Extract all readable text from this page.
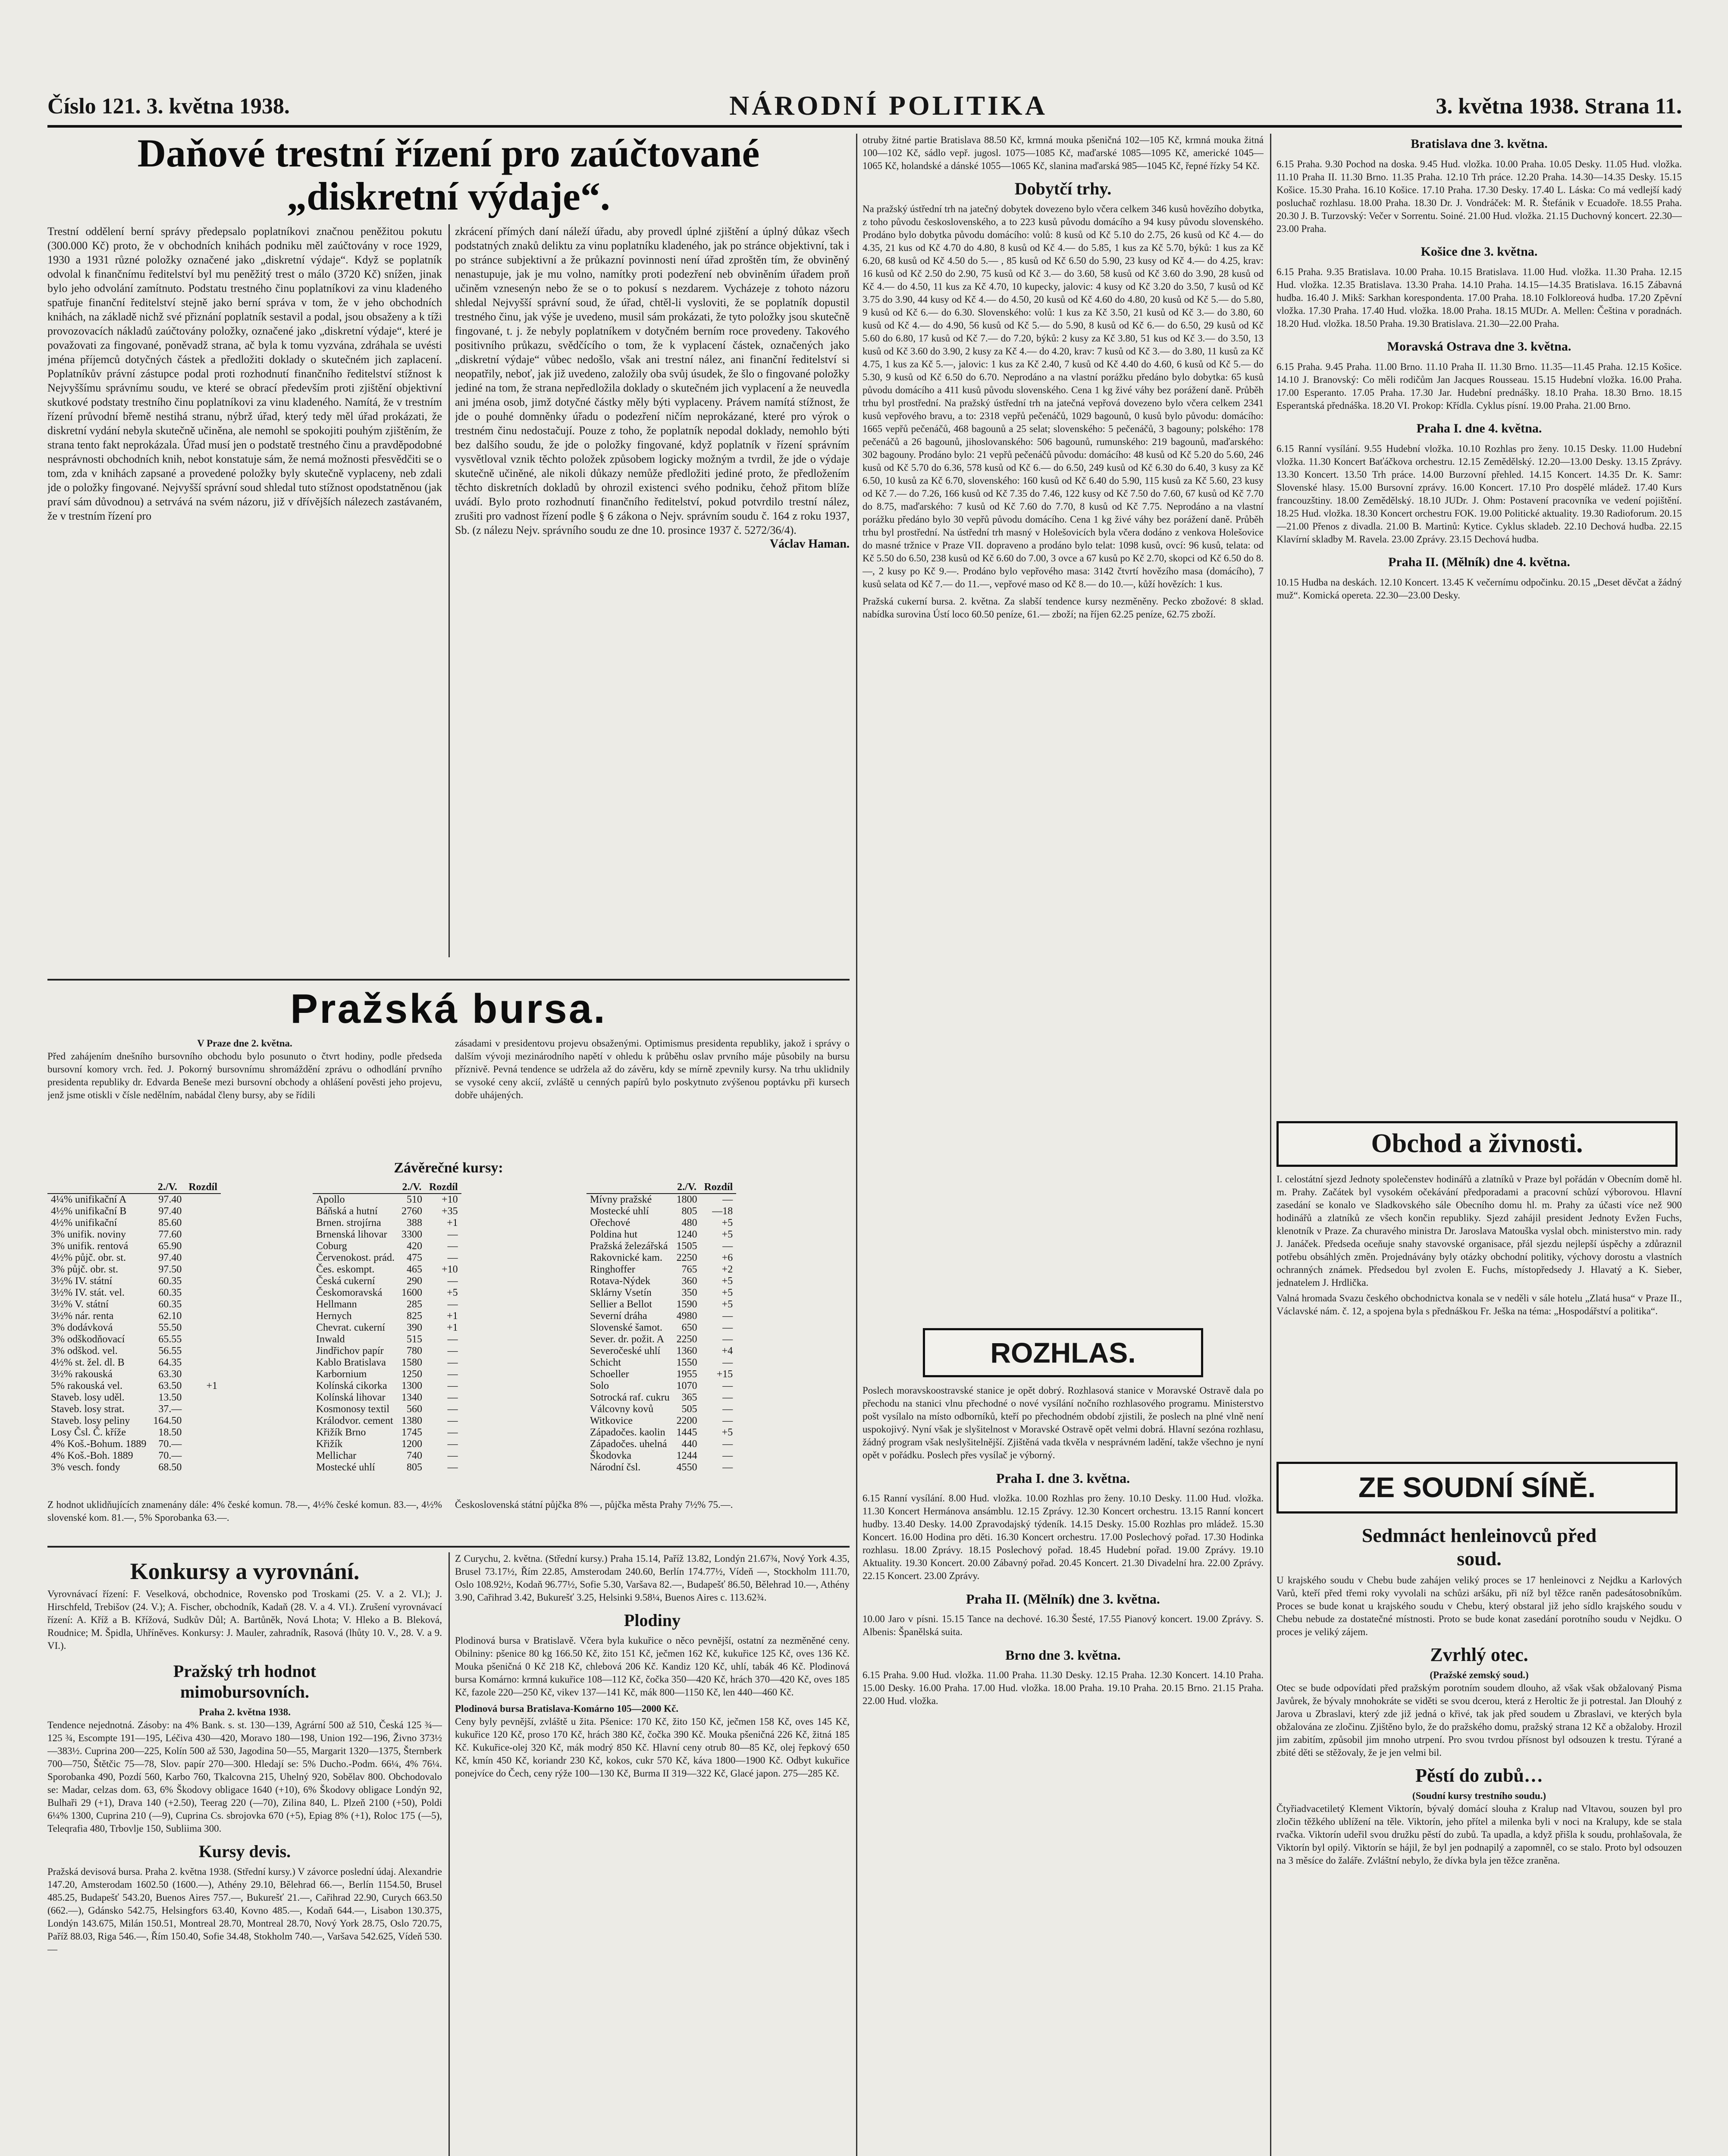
Číslo 121. 3. května 1938.	NÁRODNÍ POLITIKA	3. května 1938. Strana 11.
Daňové trestní řízení pro zaúčtované
„diskretní výdaje“.
Trestní oddělení berní správy předepsalo poplatníkovi značnou peněžitou pokutu (300.000 Kč) proto, že v obchodních knihách podniku měl zaúčtovány v roce 1929, 1930 a 1931 různé položky označené jako „diskretní výdaje“. Když se poplatník odvolal k finančnímu ředitelství byl mu peněžitý trest o málo (3720 Kč) snížen, jinak bylo jeho odvolání zamítnuto. Podstatu trestného činu poplatníkovi za vinu kladeného spatřuje finanční ředitelství stejně jako berní správa v tom, že v jeho obchodních knihách, na základě nichž své přiznání poplatník sestavil a podal, jsou obsaženy a k tíži provozovacích nákladů zaúčtovány položky, označené jako „diskretní výdaje“, které je považovati za fingované, poněvadž strana, ač byla k tomu vyzvána, zdráhala se uvésti jména příjemců dotyčných částek a předložiti doklady o skutečném jich zaplacení. Poplatníkův právní zástupce podal proti rozhodnutí finančního ředitelství stížnost k Nejvyššímu správnímu soudu, ve které se obrací především proti zjištění objektivní skutkové podstaty trestního činu poplatníkovi za vinu kladeného. Namítá, že v trestním řízení průvodní břemě nestihá stranu, nýbrž úřad, který tedy měl úřad prokázati, že diskretní vydání nebyla skutečně učiněna, ale nemohl se spokojiti pouhým zjištěním, že strana tento fakt neprokázala. Úřad musí jen o podstatě trestného činu a pravděpodobné nesprávnosti obchodních knih, nebot konstatuje sám, že nemá možnosti přesvědčiti se o tom, zda v knihách zapsané a provedené položky byly skutečně vyplaceny, neb zdali jde o položky fingované. Nejvyšší správní soud shledal tuto stížnost opodstatněnou (jak praví sám důvodnou) a setrvává na svém názoru, již v dřívějších nálezech zastávaném, že v trestním řízení pro
zkrácení přímých daní náleží úřadu, aby provedl úplné zjištění a úplný důkaz všech podstatných znaků deliktu za vinu poplatníku kladeného, jak po stránce objektivní, tak i po stránce subjektivní a že průkazní povinnosti není úřad zproštěn tím, že obviněný nenastupuje, jak je mu volno, namítky proti podezření neb obviněním úřadem proň učiněm vznesenýn nebo že se o to pokusí s nezdarem. Vycházeje z tohoto názoru shledal Nejvyšší správní soud, že úřad, chtěl-li vysloviti, že se poplatník dopustil trestného činu, jak výše je uvedeno, musil sám prokázati, že tyto položky jsou skutečně fingované, t. j. že nebyly poplatníkem v dotyčném berním roce provedeny. Takového positivního průkazu, svědčícího o tom, že k vyplacení částek, označených jako „diskretní výdaje“ vůbec nedošlo, však ani trestní nález, ani finanční ředitelství si neopatřily, neboť, jak již uvedeno, založily oba svůj úsudek, že šlo o fingované položky jediné na tom, že strana nepředložila doklady o skutečném jich vyplacení a že neuvedla ani jména osob, jimž dotyčné částky měly býti vyplaceny. Právem namítá stížnost, že jde o pouhé domněnky úřadu o podezření ničím neprokázané, které pro výrok o trestném činu nedostačují. Pouze z toho, že poplatník nepodal doklady, nemohlo býti bez dalšího soudu, že jde o položky fingované, když poplatník v řízení správním vysvětloval vznik těchto položek způsobem logicky možným a tvrdil, že jde o výdaje skutečně učiněné, ale nikoli důkazy nemůže předložiti jediné proto, že předložením těchto diskretních dokladů by ohrozil existenci svého podniku, čehož přitom blíže uvádí. Bylo proto rozhodnutí finančního ředitelství, pokud potvrdilo trestní nález, zrušiti pro vadnost řízení podle § 6 zákona o Nejv. správním soudu č. 164 z roku 1937, Sb. (z nálezu Nejv. správního soudu ze dne 10. prosince 1937 č. 5272/36/4).
Václav Haman.
Pražská bursa.
V Praze dne 2. května.
Před zahájením dnešního bursovního obchodu bylo posunuto o čtvrt hodiny, podle předseda bursovní komory vrch. řed. J. Pokorný bursovnímu shromáždění zprávu o odhodlání prvního presidenta republiky dr. Edvarda Beneše mezi bursovní obchody a ohlášení pověsti jeho projevu, jenž jsme otiskli v čísle nedělním, nabádal členy bursy, aby se řídili
zásadami v presidentovu projevu obsaženými. Optimismus presidenta republiky, jakož i správy o dalším vývoji mezinárodního napětí v ohledu k průběhu oslav prvního máje působily na bursu příznivě. Pevná tendence se udržela až do závěru, kdy se mírně zpevnily kursy. Na trhu uklidnily se vysoké ceny akcií, zvláště u cenných papírů bylo poskytnuto zvýšenou poptávku při kursech dobře uhájených.
Závěrečné kursy:
	2./V.	Rozdíl
4¼% unifikační A	97.40	
4½% unifikační B	97.40	
4½% unifikační	85.60	
3% unifik. noviny	77.60	
3% unifik. rentová	65.90	
4½% půjč. obr. st.	97.40	
3% půjč. obr. st.	97.50	
3½% IV. státní	60.35	
3½% IV. stát. vel.	60.35	
3½% V. státní	60.35	
3½% nár. renta	62.10	
3% dodávková	55.50	
3% odškodňovací	65.55	
3% odškod. vel.	56.55	
4½% st. žel. dl. B	64.35	
3½% rakouská	63.30	
5% rakouská vel.	63.50	+1
Staveb. losy uděl.	13.50	
Staveb. losy strat.	37.—	
Staveb. losy peliny	164.50	
Losy Čsl. Č. kříže	18.50	
4% Koš.-Bohum. 1889	70.—	
4% Koš.-Boh. 1889	70.—	
3% vesch. fondy	68.50	
	2./V.	Rozdíl
Apollo	510	+10
Báňská a hutní	2760	+35
Brnen. strojírna	388	+1
Brnenská lihovar	3300	—
Coburg	420	—
Červenokost. prád.	475	—
Čes. eskompt.	465	+10
Česká cukerní	290	—
Českomoravská	1600	+5
Hellmann	285	—
Hernych	825	+1
Chevrat. cukerní	390	+1
Inwald	515	—
Jindřichov papír	780	—
Kablo Bratislava	1580	—
Karbornium	1250	—
Kolínská cikorka	1300	—
Kolínská lihovar	1340	—
Kosmonosy textil	560	—
Králodvor. cement	1380	—
Křižík Brno	1745	—
Křižík	1200	—
Mellichar	740	—
Mostecké uhlí	805	—
	2./V.	Rozdíl
Mívny pražské	1800	—
Mostecké uhlí	805	—18
Ořechové	480	+5
Poldina hut	1240	+5
Pražská železářská	1505	—
Rakovnické kam.	2250	+6
Ringhoffer	765	+2
Rotava-Nýdek	360	+5
Sklárny Vsetín	350	+5
Sellier a Bellot	1590	+5
Severní dráha	4980	—
Slovenské šamot.	650	—
Sever. dr. požit. A	2250	—
Severočeské uhlí	1360	+4
Schicht	1550	—
Schoeller	1955	+15
Solo	1070	—
Sotrocká raf. cukru	365	—
Válcovny kovů	505	—
Witkovice	2200	—
Západočes. kaolin	1445	+5
Západočes. uhelná	440	—
Škodovka	1244	—
Národní čsl.	4550	—
Z hodnot uklidňujících znamenány dále: 4% české komun. 78.—, 4½% české komun. 83.—, 4½% slovenské kom. 81.—, 5% Sporobanka 63.—.
Československá státní půjčka 8% —, půjčka města Prahy 7½% 75.—.
Konkursy a vyrovnání.
Vyrovnávací řízení: F. Veselková, obchodnice, Rovensko pod Troskami (25. V. a 2. VI.); J. Hirschfeld, Trebišov (24. V.); A. Fischer, obchodník, Kadaň (28. V. a 4. VI.). Zrušení vyrovnávací řízení: A. Kříž a B. Křížová, Sudkův Důl; A. Bartůněk, Nová Lhota; V. Hleko a B. Bleková, Roudnice; M. Špidla, Uhříněves. Konkursy: J. Mauler, zahradník, Rasová (lhůty 10. V., 28. V. a 9. VI.).
Pražský trh hodnot
mimobursovních.
Praha 2. května 1938.
Tendence nejednotná. Zásoby: na 4% Bank. s. st. 130—139, Agrární 500 až 510, Česká 125 ¾—125 ¾, Escompte 191—195, Léčiva 430—420, Moravo 180—198, Union 192—196, Živno 373½—383½. Cuprina 200—225, Kolín 500 až 530, Jagodina 50—55, Margarit 1320—1375, Šternberk 700—750, Štětčic 75—78, Slov. papír 270—300. Hledají se: 5% Ducho.-Podm. 66¼, 4% 76¼. Sporobanka 490, Pozdí 560, Karbo 760, Tkalcovna 215, Uhelný 920, Sobělav 800. Obchodovalo se: Madar, celzas dom. 63, 6% Škodovy obligace 1640 (+10), 6% Škodovy obligace Londýn 92, Bulhaři 29 (+1), Drava 140 (+2.50), Teerag 220 (—70), Zilina 840, L. Plzeň 2100 (+50), Poldi 6¼% 1300, Cuprina 210 (—9), Cuprina Cs. sbrojovka 670 (+5), Epiag 8% (+1), Roloc 175 (—5), Teleqrafia 480, Trbovlje 150, Subliima 300.
Kursy devis.
Pražská devisová bursa. Praha 2. května 1938. (Střední kursy.) V závorce poslední údaj. Alexandrie 147.20, Amsterodam 1602.50 (1600.—), Athény 29.10, Bělehrad 66.—, Berlín 1154.50, Brusel 485.25, Budapešť 543.20, Buenos Aires 757.—, Bukurešť 21.—, Cařihrad 22.90, Curych 663.50 (662.—), Gdánsko 542.75, Helsingfors 63.40, Kovno 485.—, Kodaň 644.—, Lisabon 130.375, Londýn 143.675, Milán 150.51, Montreal 28.70, Montreal 28.70, Nový York 28.75, Oslo 720.75, Paříž 88.03, Riga 546.—, Řím 150.40, Sofie 34.48, Stokholm 740.—, Varšava 542.625, Vídeň 530.—
Z Curychu, 2. května. (Střední kursy.) Praha 15.14, Paříž 13.82, Londýn 21.67¾, Nový York 4.35, Brusel 73.17½, Řím 22.85, Amsterodam 240.60, Berlín 174.77½, Vídeň —, Stockholm 111.70, Oslo 108.92½, Kodaň 96.77½, Sofie 5.30, Varšava 82.—, Budapešť 86.50, Bělehrad 10.—, Athény 3.90, Cařihrad 3.42, Bukurešť 3.25, Helsinki 9.58¼, Buenos Aires c. 113.62¾.
Plodiny
Plodinová bursa v Bratislavě. Včera byla kukuřice o něco pevnější, ostatní za nezměněné ceny. Obilniny: pšenice 80 kg 166.50 Kč, žito 151 Kč, ječmen 162 Kč, kukuřice 125 Kč, oves 136 Kč. Mouka pšeničná 0 Kč 218 Kč, chlebová 206 Kč. Kandiz 120 Kč, uhlí, tabák 46 Kč. Plodinová bursa Komárno: krmná kukuřice 108—112 Kč, čočka 350—420 Kč, hrách 370—420 Kč, oves 185 Kč, fazole 220—250 Kč, vikev 137—141 Kč, mák 800—1150 Kč, len 440—460 Kč.
Plodinová bursa Bratislava-Komárno 105—2000 Kč.
Ceny byly pevnější, zvláště u žita. Pšenice: 170 Kč, žito 150 Kč, ječmen 158 Kč, oves 145 Kč, kukuřice 120 Kč, proso 170 Kč, hrách 380 Kč, čočka 390 Kč. Mouka pšeničná 226 Kč, žitná 185 Kč. Kukuřice-olej 320 Kč, mák modrý 850 Kč. Hlavní ceny otrub 80—85 Kč, olej řepkový 650 Kč, kmín 450 Kč, koriandr 230 Kč, kokos, cukr 570 Kč, káva 1800—1900 Kč. Odbyt kukuřice ponejvíce do Čech, ceny rýže 100—130 Kč, Burma II 319—322 Kč, Glacé japon. 275—285 Kč.
otruby žitné partie Bratislava 88.50 Kč, krmná mouka pšeničná 102—105 Kč, krmná mouka žitná 100—102 Kč, sádlo vepř. jugosl. 1075—1085 Kč, maďarské 1085—1095 Kč, americké 1045—1065 Kč, holandské a dánské 1055—1065 Kč, slanina maďarská 985—1045 Kč, řepné řízky 54 Kč.
Dobytčí trhy.
Na pražský ústřední trh na jatečný dobytek dovezeno bylo včera celkem 346 kusů hovězího dobytka, z toho původu československého, a to 223 kusů původu domácího a 94 kusy původu slovenského. Prodáno bylo dobytka původu domácího: volů: 8 kusů od Kč 5.10 do 2.75, 26 kusů od Kč 4.— do 4.35, 21 kus od Kč 4.70 do 4.80, 8 kusů od Kč 4.— do 5.85, 1 kus za Kč 5.70, býků: 1 kus za Kč 6.20, 68 kusů od Kč 4.50 do 5.— , 85 kusů od Kč 6.50 do 5.90, 23 kusy od Kč 4.— do 4.25, krav: 16 kusů od Kč 2.50 do 2.90, 75 kusů od Kč 3.— do 3.60, 58 kusů od Kč 3.60 do 3.90, 28 kusů od Kč 4.— do 4.50, 11 kus za Kč 4.70, 10 kupecky, jalovic: 4 kusy od Kč 3.20 do 3.50, 7 kusů od Kč 3.75 do 3.90, 44 kusy od Kč 4.— do 4.50, 20 kusů od Kč 4.60 do 4.80, 20 kusů od Kč 5.— do 5.80, 9 kusů od Kč 6.— do 6.30. Slovenského: volů: 1 kus za Kč 3.50, 21 kusů od Kč 3.— do 3.80, 60 kusů od Kč 4.— do 4.90, 56 kusů od Kč 5.— do 5.90, 8 kusů od Kč 6.— do 6.50, 29 kusů od Kč 5.60 do 6.80, 17 kusů od Kč 7.— do 7.20, býků: 2 kusy za Kč 3.80, 51 kus od Kč 3.— do 3.50, 13 kusů od Kč 3.60 do 3.90, 2 kusy za Kč 4.— do 4.20, krav: 7 kusů od Kč 3.— do 3.80, 11 kusů za Kč 4.75, 1 kus za Kč 5.—, jalovic: 1 kus za Kč 2.40, 7 kusů od Kč 4.40 do 4.60, 6 kusů od Kč 5.— do 5.30, 9 kusů od Kč 6.50 do 6.70. Neprodáno a na vlastní porážku předáno bylo dobytka: 65 kusů původu domácího a 411 kusů původu slovenského. Cena 1 kg živé váhy bez porážení daně. Průběh trhu byl prostřední. Na pražský ústřední trh na jatečná vepřová dovezeno bylo včera celkem 2341 kusů vepřového bravu, a to: 2318 vepřů pečenáčů, 1029 bagounů, 0 kusů bylo původu: domácího: 1665 vepřů pečenáčů, 468 bagounů a 25 selat; slovenského: 5 pečenáčů, 3 bagouny; polského: 178 pečenáčů a 26 bagounů, jihoslovanského: 506 bagounů, rumunského: 219 bagounů, maďarského: 302 bagouny. Prodáno bylo: 21 vepřů pečenáčů původu: domácího: 48 kusů od Kč 5.20 do 5.60, 246 kusů od Kč 5.70 do 6.36, 578 kusů od Kč 6.— do 6.50, 249 kusů od Kč 6.30 do 6.40, 3 kusy za Kč 6.50, 10 kusů za Kč 6.70, slovenského: 160 kusů od Kč 6.40 do 5.90, 115 kusů za Kč 5.60, 23 kusy od Kč 7.— do 7.26, 166 kusů od Kč 7.35 do 7.46, 122 kusy od Kč 7.50 do 7.60, 67 kusů od Kč 7.70 do 8.75, maďarského: 7 kusů od Kč 7.60 do 7.70, 8 kusů od Kč 7.75. Neprodáno a na vlastní porážku předáno bylo 30 vepřů původu domácího. Cena 1 kg živé váhy bez porážení daně. Průběh trhu byl prostřední. Na ústřední trh masný v Holešovicích byla včera dodáno z venkova Holešovice do masné tržnice v Praze VII. dopraveno a prodáno bylo telat: 1098 kusů, ovcí: 96 kusů, telata: od Kč 5.50 do 6.50, 238 kusů od Kč 6.60 do 7.00, 3 ovce a 67 kusů po Kč 2.70, skopci od Kč 6.50 do 8.—, 2 kusy po Kč 9.—. Prodáno bylo vepřového masa: 3142 čtvrtí hovězího masa (domácího), 7 kusů selata od Kč 7.— do 11.—, vepřové maso od Kč 8.— do 10.—, kůží hovězích: 1 kus.
Pražská cukerní bursa. 2. května. Za slabší tendence kursy nezměněny. Pecko zbožové: 8 sklad. nabídka surovina Ústí loco 60.50 peníze, 61.— zboží; na říjen 62.25 peníze, 62.75 zboží.
ROZHLAS.
Poslech moravskoostravské stanice je opět dobrý. Rozhlasová stanice v Moravské Ostravě dala po přechodu na stanici vlnu přechodné o nové vysílání nočního rozhlasového programu. Ministerstvo pošt vysílalo na místo odborníků, kteří po přechodném období zjistili, že poslech na plné vlně není uspokojivý. Nyní však je slyšitelnost v Moravské Ostravě opět velmi dobrá. Hlavní sezóna rozhlasu, žádný program však neslyšitelnější. Zjištěná vada tkvěla v nesprávném ladění, takže všechno je nyní opět v pořádku. Poslech přes vysílač je výborný.
Praha I. dne 3. května.
6.15 Ranní vysílání. 8.00 Hud. vložka. 10.00 Rozhlas pro ženy. 10.10 Desky. 11.00 Hud. vložka. 11.30 Koncert Hermánova ansámblu. 12.15 Zprávy. 12.30 Koncert orchestru. 13.15 Ranní koncert hudby. 13.40 Desky. 14.00 Zpravodajský týdeník. 14.15 Desky. 15.00 Rozhlas pro mládež. 15.30 Koncert. 16.00 Hodina pro děti. 16.30 Koncert orchestru. 17.00 Poslechový pořad. 17.30 Hodinka rozhlasu. 18.00 Zprávy. 18.15 Poslechový pořad. 18.45 Hudební pořad. 19.00 Zprávy. 19.10 Aktuality. 19.30 Koncert. 20.00 Zábavný pořad. 20.45 Koncert. 21.30 Divadelní hra. 22.00 Zprávy. 22.15 Koncert. 23.00 Zprávy.
Praha II. (Mělník) dne 3. května.
10.00 Jaro v písni. 15.15 Tance na dechové. 16.30 Šesté, 17.55 Pianový koncert. 19.00 Zprávy. S. Albenis: Španělská suita.
Brno dne 3. května.
6.15 Praha. 9.00 Hud. vložka. 11.00 Praha. 11.30 Desky. 12.15 Praha. 12.30 Koncert. 14.10 Praha. 15.00 Desky. 16.00 Praha. 17.00 Hud. vložka. 18.00 Praha. 19.10 Praha. 20.15 Brno. 21.15 Praha. 22.00 Hud. vložka.
Bratislava dne 3. května.
6.15 Praha. 9.30 Pochod na doska. 9.45 Hud. vložka. 10.00 Praha. 10.05 Desky. 11.05 Hud. vložka. 11.10 Praha II. 11.30 Brno. 11.35 Praha. 12.10 Trh práce. 12.20 Praha. 14.30—14.35 Desky. 15.15 Košice. 15.30 Praha. 16.10 Košice. 17.10 Praha. 17.30 Desky. 17.40 L. Láska: Co má vedlejší kadý posluchač rozhlasu. 18.00 Praha. 18.30 Dr. J. Vondráček: M. R. Štefánik v Ecuadoře. 18.55 Praha. 20.30 J. B. Turzovský: Večer v Sorrentu. Soiné. 21.00 Hud. vložka. 21.15 Duchovný koncert. 22.30—23.00 Praha.
Košice dne 3. května.
6.15 Praha. 9.35 Bratislava. 10.00 Praha. 10.15 Bratislava. 11.00 Hud. vložka. 11.30 Praha. 12.15 Hud. vložka. 12.35 Bratislava. 13.30 Praha. 14.10 Praha. 14.15—14.35 Bratislava. 16.15 Zábavná hudba. 16.40 J. Mikš: Sarkhan korespondenta. 17.00 Praha. 18.10 Folkloreová hudba. 17.20 Zpěvní vložka. 17.30 Praha. 17.40 Hud. vložka. 18.00 Praha. 18.15 MUDr. A. Mellen: Čeština v poradnách. 18.20 Hud. vložka. 18.50 Praha. 19.30 Bratislava. 21.30—22.00 Praha.
Moravská Ostrava dne 3. května.
6.15 Praha. 9.45 Praha. 11.00 Brno. 11.10 Praha II. 11.30 Brno. 11.35—11.45 Praha. 12.15 Košice. 14.10 J. Branovský: Co měli rodičům Jan Jacques Rousseau. 15.15 Hudební vložka. 16.00 Praha. 17.00 Esperanto. 17.05 Praha. 17.30 Jar. Hudební prednášky. 18.10 Praha. 18.30 Brno. 18.15 Esperantská přednáška. 18.20 VI. Prokop: Křídla. Cyklus písní. 19.00 Praha. 21.00 Brno.
Praha I. dne 4. května.
6.15 Ranní vysílání. 9.55 Hudební vložka. 10.10 Rozhlas pro ženy. 10.15 Desky. 11.00 Hudební vložka. 11.30 Koncert Baťáčkova orchestru. 12.15 Zemědělský. 12.20—13.00 Desky. 13.15 Zprávy. 13.30 Koncert. 13.50 Trh práce. 14.00 Burzovní přehled. 14.15 Koncert. 14.35 Dr. K. Samr: Slovenské hlasy. 15.00 Bursovní zprávy. 16.00 Koncert. 17.10 Pro dospělé mládež. 17.40 Kurs francouzštiny. 18.00 Zemědělský. 18.10 JUDr. J. Ohm: Postavení pracovníka ve vedení pojištění. 18.25 Hud. vložka. 18.30 Koncert orchestru FOK. 19.00 Politické aktuality. 19.30 Radioforum. 20.15—21.00 Přenos z divadla. 21.00 B. Martinů: Kytice. Cyklus skladeb. 22.10 Dechová hudba. 22.15 Klavírní skladby M. Ravela. 23.00 Zprávy. 23.15 Dechová hudba.
Praha II. (Mělník) dne 4. května.
10.15 Hudba na deskách. 12.10 Koncert. 13.45 K večernímu odpočinku. 20.15 „Deset děvčat a žádný muž“. Komická opereta. 22.30—23.00 Desky.
Obchod a živnosti.
I. celostátní sjezd Jednoty společenstev hodinářů a zlatníků v Praze byl pořádán v Obecním domě hl. m. Prahy. Začátek byl vysokém očekávání předporadami a pracovní schůzí výborovou. Hlavní zasedání se konalo ve Sladkovského sále Obecního domu hl. m. Prahy za účasti více než 900 hodinářů a zlatníků ze všech končin republiky. Sjezd zahájil president Jednoty Evžen Fuchs, klenotník v Praze. Za churavého ministra Dr. Jaroslava Matouška vyslal obch. ministerstvo min. rady J. Janáček. Předseda oceňuje snahy stavovské organisace, přál sjezdu nejlepší úspěchy a zdůraznil potřebu obsáhlých změn. Projednávány byly otázky obchodní politiky, výchovy dorostu a vlastních ochranných známek. Předsedou byl zvolen E. Fuchs, místopředsedy J. Hlavatý a K. Sieber, jednatelem J. Hrdlička.
Valná hromada Svazu českého obchodnictva konala se v neděli v sále hotelu „Zlatá husa“ v Praze II., Václavské nám. č. 12, a spojena byla s přednáškou Fr. Ješka na téma: „Hospodářství a politika“.
ZE SOUDNÍ SÍNĚ.
Sedmnáct henleinovců před
soud.
U krajského soudu v Chebu bude zahájen veliký proces se 17 henleinovci z Nejdku a Karlových Varů, kteří před třemi roky vyvolali na schůzi aršáku, při níž byl těžce raněn padesátosobníkům. Proces se bude konat u krajského soudu v Chebu, který obstaral již jeho sídlo krajského soudu v Chebu nebude za dostatečné místnosti. Proto se bude konat zasedání porotního soudu v Nejdku. O proces je veliký zájem.
Zvrhlý otec.
(Pražské zemský soud.)
Otec se bude odpovídati před pražským porotním soudem dlouho, až však však obžalovaný Pisma Javůrek, že bývaly mnohokráte se viděti se svou dcerou, která z Heroltic že ji potrestal. Jan Dlouhý z Jarova u Zbraslavi, který zde již jedná o křivé, tak jak před soudem u Zbraslavi, ve kterých byla obžalována ze zločinu. Zjištěno bylo, že do pražského domu, pražský strana 12 Kč a obžaloby. Hrozil jim zabitím, způsobil jim mnoho utrpení. Pro svou tvrdou přísnost byl odsouzen k trestu. Týrané a zbité děti se stěžovaly, že je jen velmi bil.
Pěstí do zubů…
(Soudní kursy trestního soudu.)
Čtyřiadvacetiletý Klement Viktorín, bývalý domácí slouha z Kralup nad Vltavou, souzen byl pro zločin těžkého ublížení na těle. Viktorín, jeho přítel a milenka byli v noci na Kralupy, kde se stala rvačka. Viktorín udeřil svou družku pěstí do zubů. Ta upadla, a když přišla k soudu, prohlašovala, že Viktorín byl opilý. Viktorín se hájil, že byl jen podnapilý a zapomněl, co se stalo. Proto byl odsouzen na 3 měsíce do žaláře. Zvláštní nebylo, že dívka byla jen těžce zraněna.
